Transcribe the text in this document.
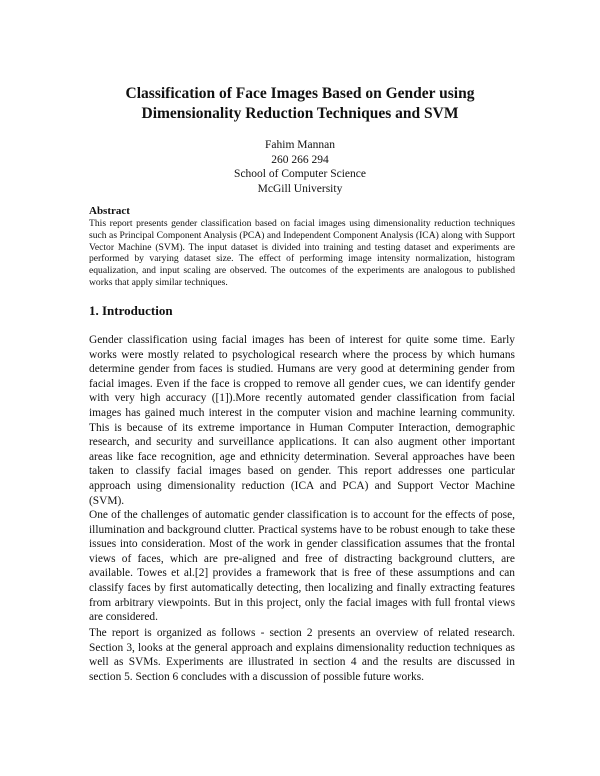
Classification of Face Images Based on Gender using
Dimensionality Reduction Techniques and SVM
Fahim Mannan
260 266 294
School of Computer Science
McGill University
Abstract
This report presents gender classification based on facial images using dimensionality reduction techniques such as Principal Component Analysis (PCA) and Independent Component Analysis (ICA) along with Support Vector Machine (SVM). The input dataset is divided into training and testing dataset and experiments are performed by varying dataset size. The effect of performing image intensity normalization, histogram equalization, and input scaling are observed. The outcomes of the experiments are analogous to published works that apply similar techniques.
1. Introduction

Gender classification using facial images has been of interest for quite some time. Early works were mostly related to psychological research where the process by which humans determine gender from faces is studied. Humans are very good at determining gender from facial images. Even if the face is cropped to remove all gender cues, we can identify gender with very high accuracy ([1]).More recently automated gender classification from facial images has gained much interest in the computer vision and machine learning community. This is because of its extreme importance in Human Computer Interaction, demographic research, and security and surveillance applications. It can also augment other important areas like face recognition, age and ethnicity determination. Several approaches have been taken to classify facial images based on gender. This report addresses one particular approach using dimensionality reduction (ICA and PCA) and Support Vector Machine (SVM).

One of the challenges of automatic gender classification is to account for the effects of pose, illumination and background clutter. Practical systems have to be robust enough to take these issues into consideration. Most of the work in gender classification assumes that the frontal views of faces, which are pre-aligned and free of distracting background clutters, are available. Towes et al.[2] provides a framework that is free of these assumptions and can classify faces by first automatically detecting, then localizing and finally extracting features from arbitrary viewpoints. But in this project, only the facial images with full frontal views are considered.

The report is organized as follows - section 2 presents an overview of related research. Section 3, looks at the general approach and explains dimensionality reduction techniques as well as SVMs. Experiments are illustrated in section 4 and the results are discussed in section 5. Section 6 concludes with a discussion of possible future works.
